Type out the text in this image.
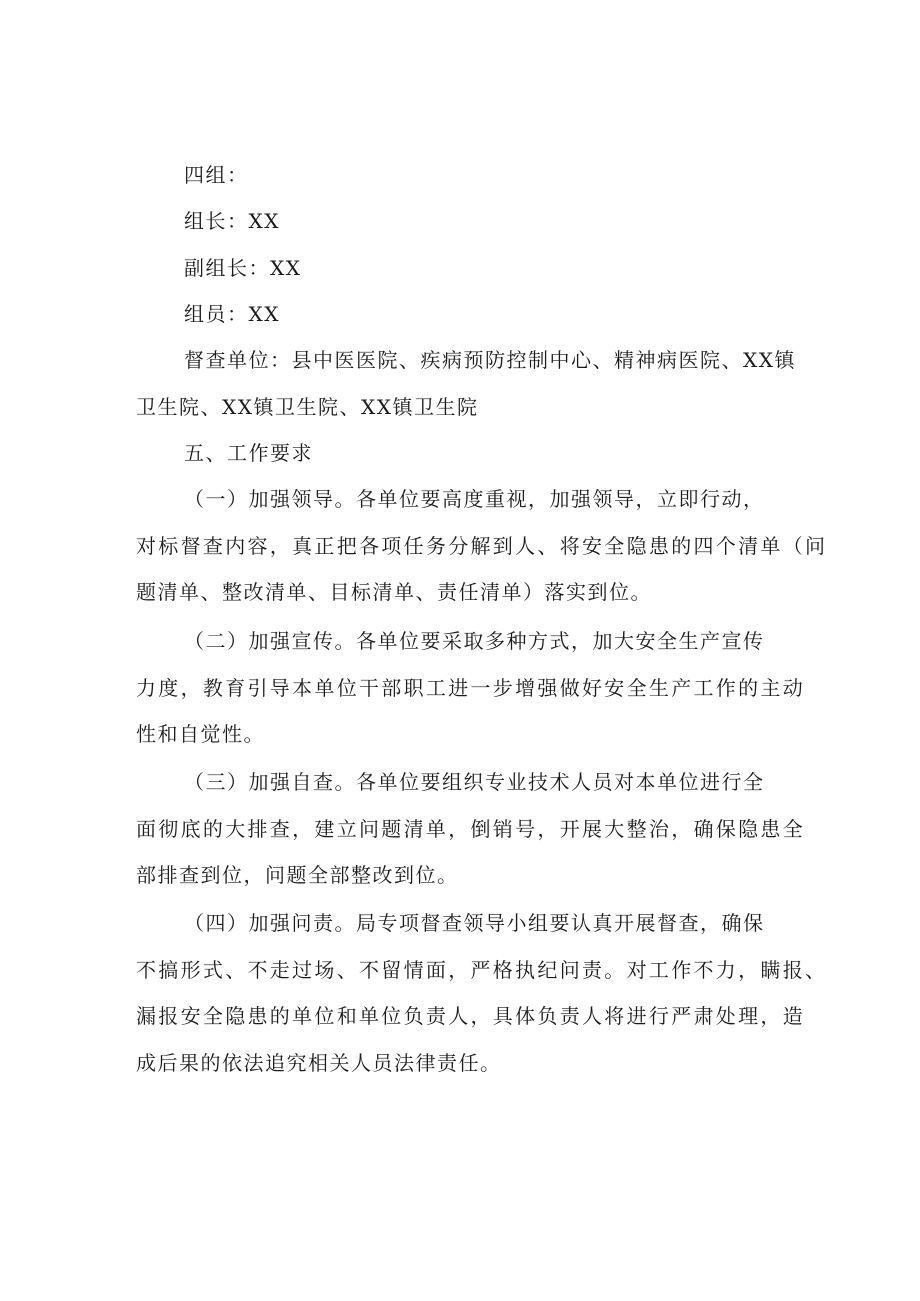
四组：
组长：XX
副组长：XX
组员：XX
督查单位：县中医医院、疾病预防控制中心、精神病医院、XX镇
卫生院、XX镇卫生院、XX镇卫生院
五、工作要求
（一）加强领导。各单位要高度重视，加强领导，立即行动，
对标督查内容，真正把各项任务分解到人、将安全隐患的四个清单（问
题清单、整改清单、目标清单、责任清单）落实到位。
（二）加强宣传。各单位要采取多种方式，加大安全生产宣传
力度，教育引导本单位干部职工进一步增强做好安全生产工作的主动
性和自觉性。
（三）加强自查。各单位要组织专业技术人员对本单位进行全
面彻底的大排查，建立问题清单，倒销号，开展大整治，确保隐患全
部排查到位，问题全部整改到位。
（四）加强问责。局专项督查领导小组要认真开展督查，确保
不搞形式、不走过场、不留情面，严格执纪问责。对工作不力，瞒报、
漏报安全隐患的单位和单位负责人，具体负责人将进行严肃处理，造
成后果的依法追究相关人员法律责任。
